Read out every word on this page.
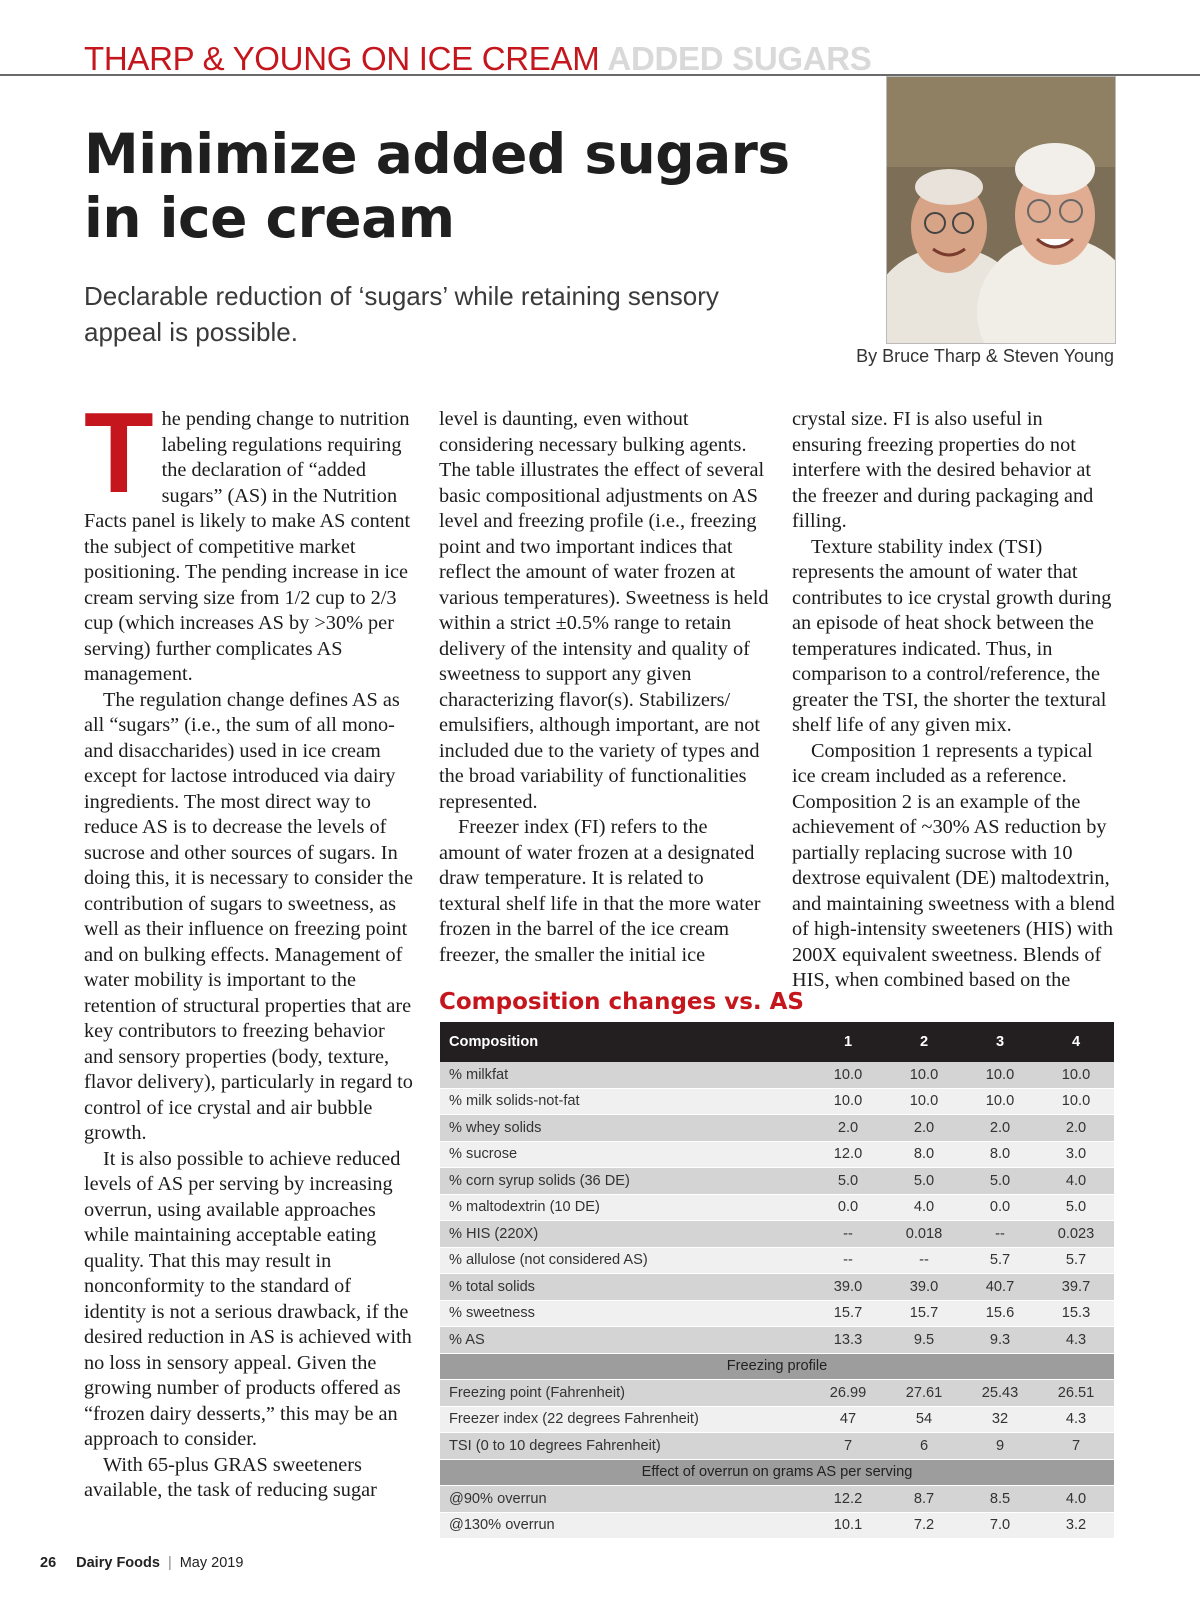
THARP & YOUNG ON ICE CREAM ADDED SUGARS
Minimize added sugars
in ice cream

Declarable reduction of ‘sugars’ while retaining sensory appeal is possible.

By Bruce Tharp & Steven Young
T he pending change to nutrition labeling regulations requiring the declaration of “added sugars” (AS) in the Nutrition Facts panel is likely to make AS content the subject of competitive market positioning. The pending increase in ice cream serving size from 1/2 cup to 2/3 cup (which increases AS by >30% per serving) further complicates AS management.

The regulation change defines AS as all “sugars” (i.e., the sum of all mono- and disaccharides) used in ice cream except for lactose introduced via dairy ingredients. The most direct way to reduce AS is to decrease the levels of sucrose and other sources of sugars. In doing this, it is necessary to consider the contribution of sugars to sweetness, as well as their influence on freezing point and on bulking effects. Management of water mobility is important to the retention of structural properties that are key contributors to freezing behavior and sensory properties (body, texture, flavor delivery), particularly in regard to control of ice crystal and air bubble growth.

It is also possible to achieve reduced levels of AS per serving by increasing overrun, using available approaches while maintaining acceptable eating quality. That this may result in nonconformity to the standard of identity is not a serious drawback, if the desired reduction in AS is achieved with no loss in sensory appeal. Given the growing number of products offered as “frozen dairy desserts,” this may be an approach to consider.

With 65-plus GRAS sweeteners available, the task of reducing sugar

level is daunting, even without considering necessary bulking agents. The table illustrates the effect of several basic compositional adjustments on AS level and freezing profile (i.e., freezing point and two important indices that reflect the amount of water frozen at various temperatures). Sweetness is held within a strict ±0.5% range to retain delivery of the intensity and quality of sweetness to support any given characterizing flavor(s). Stabilizers/ emulsifiers, although important, are not included due to the variety of types and the broad variability of functionalities represented.

Freezer index (FI) refers to the amount of water frozen at a designated draw temperature. It is related to textural shelf life in that the more water frozen in the barrel of the ice cream freezer, the smaller the initial ice

crystal size. FI is also useful in ensuring freezing properties do not interfere with the desired behavior at the freezer and during packaging and filling.

Texture stability index (TSI) represents the amount of water that contributes to ice crystal growth during an episode of heat shock between the temperatures indicated. Thus, in comparison to a control/reference, the greater the TSI, the shorter the textural shelf life of any given mix.

Composition 1 represents a typical ice cream included as a reference. Composition 2 is an example of the achievement of ~30% AS reduction by partially replacing sucrose with 10 dextrose equivalent (DE) maltodextrin, and maintaining sweetness with a blend of high-intensity sweeteners (HIS) with 200X equivalent sweetness. Blends of HIS, when combined based on the

Composition changes vs. AS
Composition	1	2	3	4
% milkfat	10.0	10.0	10.0	10.0
% milk solids-not-fat	10.0	10.0	10.0	10.0
% whey solids	2.0	2.0	2.0	2.0
% sucrose	12.0	8.0	8.0	3.0
% corn syrup solids (36 DE)	5.0	5.0	5.0	4.0
% maltodextrin (10 DE)	0.0	4.0	0.0	5.0
% HIS (220X)	--	0.018	--	0.023
% allulose (not considered AS)	--	--	5.7	5.7
% total solids	39.0	39.0	40.7	39.7
% sweetness	15.7	15.7	15.6	15.3
% AS	13.3	9.5	9.3	4.3
Freezing profile				
Freezing point (Fahrenheit)	26.99	27.61	25.43	26.51
Freezer index (22 degrees Fahrenheit)	47	54	32	4.3
TSI (0 to 10 degrees Fahrenheit)	7	6	9	7
Effect of overrun on grams AS per serving				
@90% overrun	12.2	8.7	8.5	4.0
@130% overrun	10.1	7.2	7.0	3.2
26 Dairy Foods | May 2019
